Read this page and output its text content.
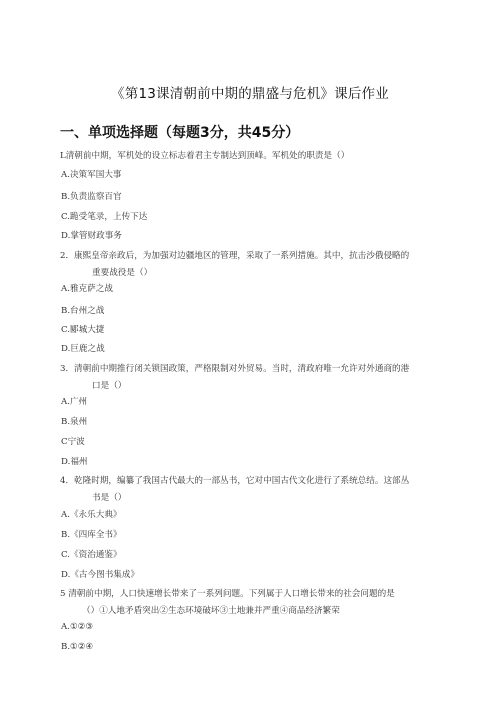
《第13课清朝前中期的鼎盛与危机》课后作业
一、单项选择题（每题3分，共45分）
L清朝前中期，军机处的设立标志着君主专制达到顶峰。军机处的职责是（）
A.决策军国大事
B.负责监察百官
C.跪受笔录，上传下达
D.掌管财政事务
2．康熙皇帝亲政后，为加强对边疆地区的管理，采取了一系列措施。其中，抗击沙俄侵略的
重要战役是（）
A.雅克萨之战
B.台州之战
C.郾城大捷
D.巨鹿之战
3．清朝前中期推行闭关锁国政策，严格限制对外贸易。当时，清政府唯一允许对外通商的港
口是（）
A.广州
B.泉州
C宁波
D.福州
4．乾隆时期，编纂了我国古代最大的一部丛书，它对中国古代文化进行了系统总结。这部丛
书是（）
A.《永乐大典》
B.《四库全书》
C.《资治通鉴》
D.《古今图书集成》
5 清朝前中期，人口快速增长带来了一系列问题。下列属于人口增长带来的社会问题的是
（）①人地矛盾突出②生态环境破坏③土地兼并严重④商品经济繁荣
A.①②③
B.①②④
